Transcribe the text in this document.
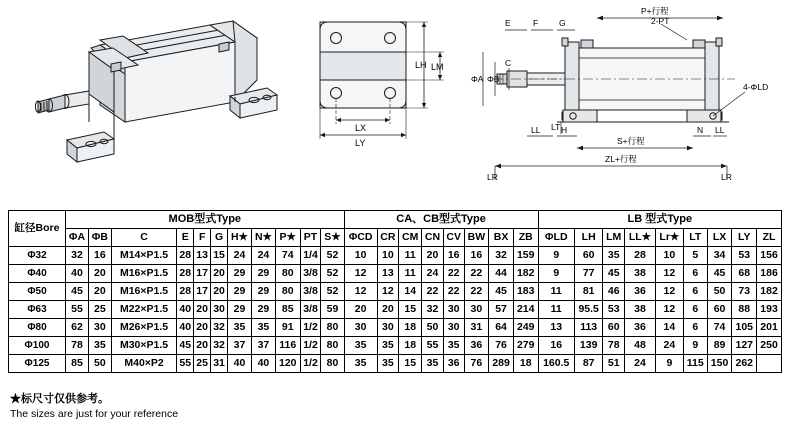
LX
LY
LH LM
E	F G
P+行程
2-PT
ΦA ΦB
C
4-ΦLD
LL H
S+行程
N LL
LR
ZL+行程
LR
LT
缸径Bore	MOB型式Type											CA、CB型式Type								LB 型式Type								
	ΦA	ΦB	C	E	F	G	H★	N★	P★	PT	S★	ΦCD	CR	CM	CN	CV	BW	BX	ZB	ΦLD	LH	LM	LL★	Lr★	LT	LX	LY	ZL
Φ32	32	16	M14×P1.5	28	13	15	24	24	74	1/4	52	10	10	11	20	16	16	32	159	9	60	35	28	10	5	34	53	156
Φ40	40	20	M16×P1.5	28	17	20	29	29	80	3/8	52	12	13	11	24	22	22	44	182	9	77	45	38	12	6	45	68	186
Φ50	45	20	M16×P1.5	28	17	20	29	29	80	3/8	52	12	12	14	22	22	22	45	183	11	81	46	36	12	6	50	73	182
Φ63	55	25	M22×P1.5	40	20	30	29	29	85	3/8	59	20	20	15	32	30	30	57	214	11	95.5	53	38	12	6	60	88	193
Φ80	62	30	M26×P1.5	40	20	32	35	35	91	1/2	80	30	30	18	50	30	31	64	249	13	113	60	36	14	6	74	105	201
Φ100	78	35	M30×P1.5	45	20	32	37	37	116	1/2	80	35	35	18	55	35	36	76	279	16	139	78	48	24	9	89	127	250
Φ125	85	50	M40×P2	55	25	31	40	40	120	1/2	80	35	35	15	35	36	76	289	18	160.5	87	51	24	9	115	150	262	
★标尺寸仅供参考。
The sizes are just for your reference
